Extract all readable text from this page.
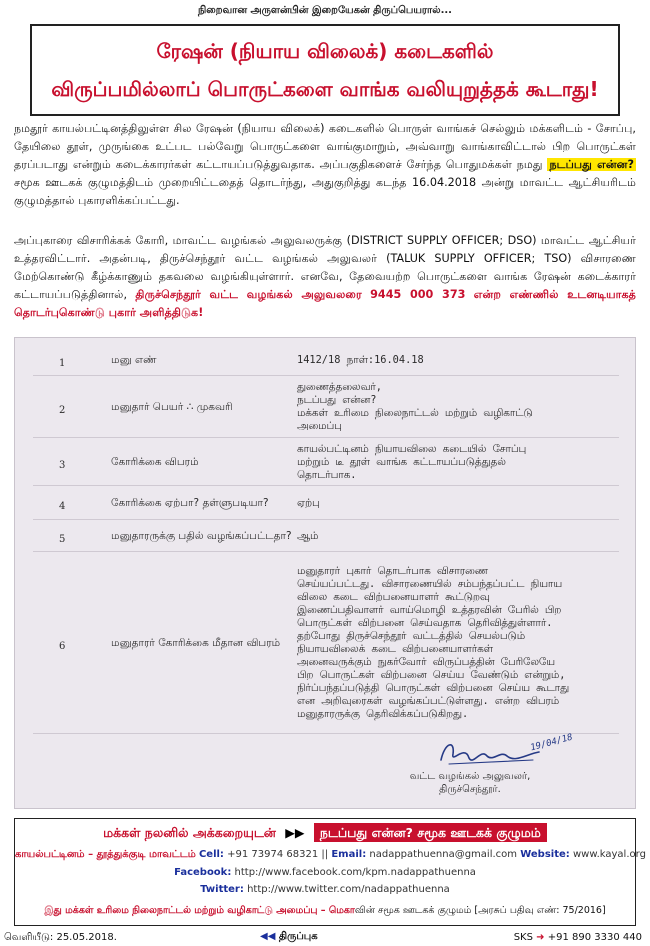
நிறைவான அருளன்பின் இறையேகன் திருப்பெயரால்...
ரேஷன் (நியாய விலைக்) கடைகளில்
விருப்பமில்லாப் பொருட்களை வாங்க வலியுறுத்தக் கூடாது!
நமதூர் காயல்பட்டினத்திலுள்ள சில ரேஷன் (நியாய விலைக்) கடைகளில் பொருள் வாங்கச் செல்லும் மக்களிடம் - சோப்பு, தேயிலை தூள், முருங்கை உட்பட பல்வேறு பொருட்களை வாங்குமாறும், அவ்வாறு வாங்காவிட்டால் பிற பொருட்கள் தரப்படாது என்றும் கடைக்காரர்கள் கட்டாயப்படுத்துவதாக. அப்பகுதிகளைச் சேர்ந்த பொதுமக்கள் நமது நடப்பது என்ன? சமூக ஊடகக் குழுமத்திடம் முறையிட்டதைத் தொடர்ந்து, அதுகுறித்து கடந்த 16.04.2018 அன்று மாவட்ட ஆட்சியரிடம் குழுமத்தால் புகாரளிக்கப்பட்டது.
அப்புகாரை விசாரிக்கக் கோரி, மாவட்ட வழங்கல் அலுவலருக்கு (DISTRICT SUPPLY OFFICER; DSO) மாவட்ட ஆட்சியர் உத்தரவிட்டார். அதன்படி, திருச்செந்தூர் வட்ட வழங்கல் அலுவலர் (TALUK SUPPLY OFFICER; TSO) விசாரணை மேற்கொண்டு கீழ்க்காணும் தகவலை வழங்கியுள்ளார். எனவே, தேவையற்ற பொருட்களை வாங்க ரேஷன் கடைக்காரர் கட்டாயப்படுத்தினால், திருச்செந்தூர் வட்ட வழங்கல் அலுவலரை 9445 000 373 என்ற எண்ணில் உடனடியாகத் தொடர்புகொண்டு புகார் அளித்திடுக!
1	மனு எண்	1412/18 நாள்:16.04.18
2	மனுதார் பெயர் ∴ முகவரி
துணைத்தலைவர்,
நடப்பது என்ன?
மக்கள் உரிமை நிலைநாட்டல் மற்றும் வழிகாட்டு
அமைப்பு
3	கோரிக்கை விபரம்
காயல்பட்டினம் நியாயவிலை கடையில் சோப்பு
மற்றும் டீ தூள் வாங்க கட்டாயப்படுத்துதல்
தொடர்பாக.
4	கோரிக்கை ஏற்பா? தள்ளுபடியா?	ஏற்பு
5	மனுதாரருக்கு பதில் வழங்கப்பட்டதா? ஆம்
6	மனுதாரர் கோரிக்கை மீதான விபரம்
மனுதாரர் புகார் தொடர்பாக விசாரணை
செய்யப்பட்டது. விசாரணையில் சம்பந்தப்பட்ட நியாய
விலை கடை விற்பனையாளர் கூட்டுறவு
இணைப்பதிவாளர் வாய்மொழி உத்தரவின் பேரில் பிற
பொருட்கள் விற்பனை செய்வதாக தெரிவித்துள்ளார்.
தற்போது திருச்செந்தூர் வட்டத்தில் செயல்படும்
நியாயவிலைக் கடை விற்பனையாளர்கள்
அனைவருக்கும் நுகர்வோர் விருப்பத்தின் பேரிலேயே
பிற பொருட்கள் விற்பனை செய்ய வேண்டும் என்றும்,
நிர்ப்பந்தப்படுத்தி பொருட்கள் விற்பனை செய்ய கூடாது
என அறிவுரைகள் வழங்கப்பட்டுள்ளது. என்ற விபரம்
மனுதாரருக்கு தெரிவிக்கப்படுகிறது.
19/04/18
வட்ட வழங்கல் அலுவலர்,
திருச்செந்தூர்.
மக்கள் நலனில் அக்கறையுடன் ▶▶ நடப்பது என்ன? சமூக ஊடகக் குழுமம்
காயல்பட்டினம் – தூத்துக்குடி மாவட்டம் Cell: +91 73974 68321 || Email: nadappathuenna@gmail.com Website: www.kayal.org
Facebook: http://www.facebook.com/kpm.nadappathuenna
Twitter: http://www.twitter.com/nadappathuenna
இது மக்கள் உரிமை நிலைநாட்டல் மற்றும் வழிகாட்டு அமைப்பு – மெகாவின் சமூக ஊடகக் குழுமம் [அரசுப் பதிவு எண்: 75/2016]
வெளியீடு: 25.05.2018.	◀◀ திருப்புக	SKS ➜ +91 890 3330 440
